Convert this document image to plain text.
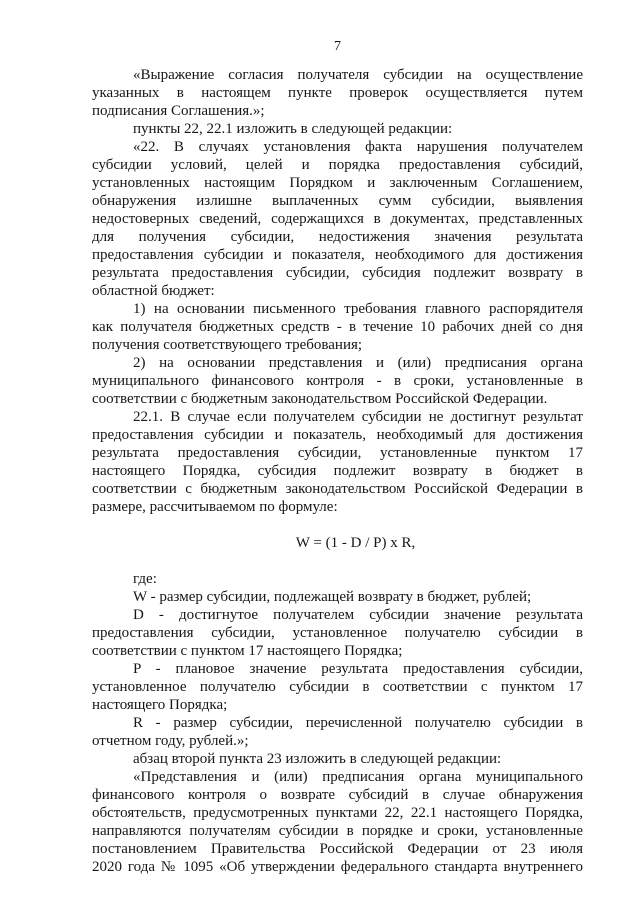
7
«Выражение согласия получателя субсидии на осуществление
указанных в настоящем пункте проверок осуществляется путем
подписания Соглашения.»;
пункты 22, 22.1 изложить в следующей редакции:
«22. В случаях установления факта нарушения получателем
субсидии условий, целей и порядка предоставления субсидий,
установленных настоящим Порядком и заключенным Соглашением,
обнаружения излишне выплаченных сумм субсидии, выявления
недостоверных сведений, содержащихся в документах, представленных
для получения субсидии, недостижения значения результата
предоставления субсидии и показателя, необходимого для достижения
результата предоставления субсидии, субсидия подлежит возврату в
областной бюджет:
1) на основании письменного требования главного распорядителя
как получателя бюджетных средств - в течение 10 рабочих дней со дня
получения соответствующего требования;
2) на основании представления и (или) предписания органа
муниципального финансового контроля - в сроки, установленные в
соответствии с бюджетным законодательством Российской Федерации.
22.1. В случае если получателем субсидии не достигнут результат
предоставления субсидии и показатель, необходимый для достижения
результата предоставления субсидии, установленные пунктом 17
настоящего Порядка, субсидия подлежит возврату в бюджет в
соответствии с бюджетным законодательством Российской Федерации в
размере, рассчитываемом по формуле:
W = (1 - D / P) x R,
где:
W - размер субсидии, подлежащей возврату в бюджет, рублей;
D - достигнутое получателем субсидии значение результата
предоставления субсидии, установленное получателю субсидии в
соответствии с пунктом 17 настоящего Порядка;
P - плановое значение результата предоставления субсидии,
установленное получателю субсидии в соответствии с пунктом 17
настоящего Порядка;
R - размер субсидии, перечисленной получателю субсидии в
отчетном году, рублей.»;
абзац второй пункта 23 изложить в следующей редакции:
«Представления и (или) предписания органа муниципального
финансового контроля о возврате субсидий в случае обнаружения
обстоятельств, предусмотренных пунктами 22, 22.1 настоящего Порядка,
направляются получателям субсидии в порядке и сроки, установленные
постановлением Правительства Российской Федерации от 23 июля
2020 года № 1095 «Об утверждении федерального стандарта внутреннего
